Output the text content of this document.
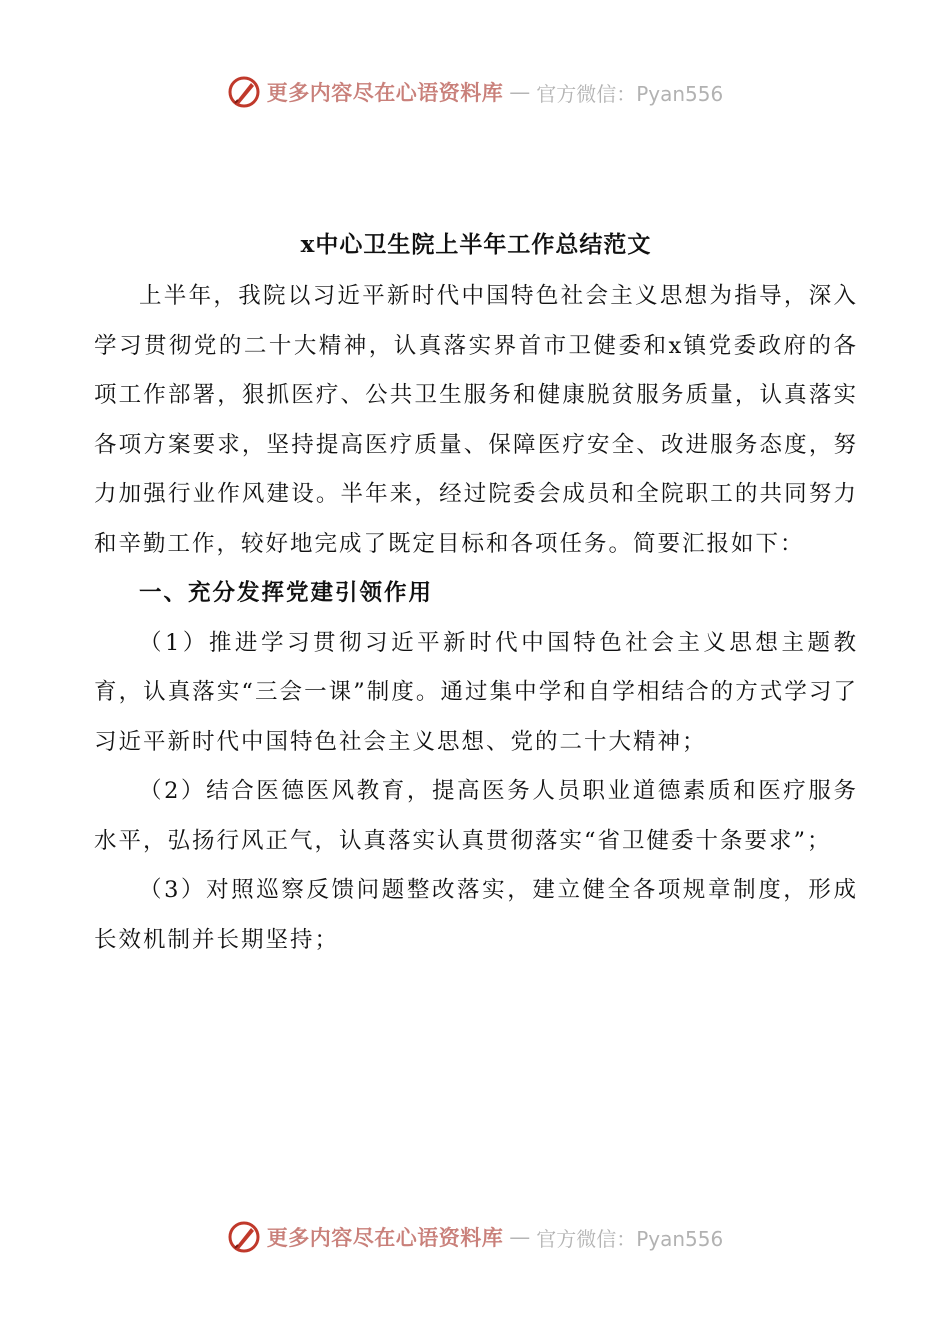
更多内容尽在心语资料库 — 官方微信：Pyan556
x中心卫生院上半年工作总结范文

上半年，我院以习近平新时代中国特色社会主义思想为指导，深入学习贯彻党的二十大精神，认真落实界首市卫健委和x镇党委政府的各项工作部署，狠抓医疗、公共卫生服务和健康脱贫服务质量，认真落实各项方案要求，坚持提高医疗质量、保障医疗安全、改进服务态度，努力加强行业作风建设。半年来，经过院委会成员和全院职工的共同努力和辛勤工作，较好地完成了既定目标和各项任务。简要汇报如下：

一、充分发挥党建引领作用

（1）推进学习贯彻习近平新时代中国特色社会主义思想主题教育，认真落实“三会一课”制度。通过集中学和自学相结合的方式学习了习近平新时代中国特色社会主义思想、党的二十大精神；

（2）结合医德医风教育，提高医务人员职业道德素质和医疗服务水平，弘扬行风正气，认真落实认真贯彻落实“省卫健委十条要求”；

（3）对照巡察反馈问题整改落实，建立健全各项规章制度，形成长效机制并长期坚持；

更多内容尽在心语资料库 — 官方微信：Pyan556
